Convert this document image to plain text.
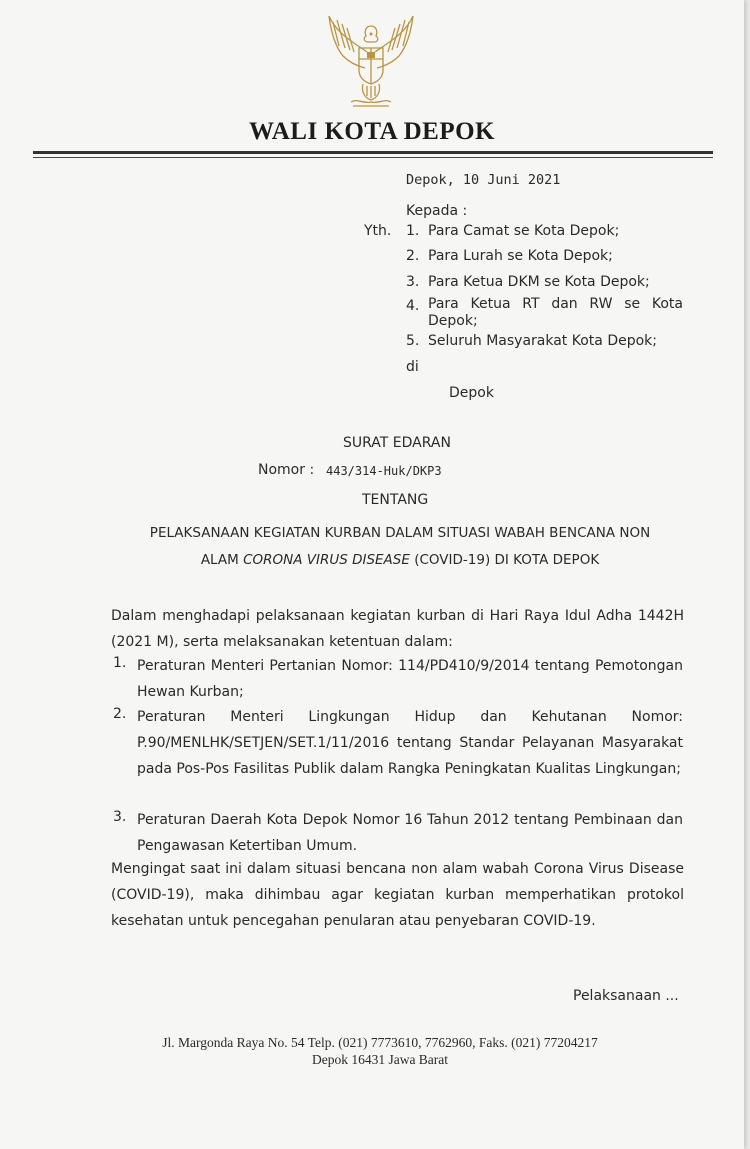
WALI KOTA DEPOK
Depok, 10 Juni 2021
Kepada :
Yth. 1. Para Camat se Kota Depok;
2. Para Lurah se Kota Depok;
3. Para Ketua DKM se Kota Depok;
4. Para Ketua RT dan RW se Kota Depok;
5. Seluruh Masyarakat Kota Depok;
di
Depok
SURAT EDARAN
Nomor : 443/314-Huk/DKP3
TENTANG
PELAKSANAAN KEGIATAN KURBAN DALAM SITUASI WABAH BENCANA NON
ALAM CORONA VIRUS DISEASE (COVID-19) DI KOTA DEPOK
Dalam menghadapi pelaksanaan kegiatan kurban di Hari Raya Idul Adha 1442H (2021 M), serta melaksanakan ketentuan dalam:
1. Peraturan Menteri Pertanian Nomor: 114/PD410/9/2014 tentang Pemotongan Hewan Kurban;
2. Peraturan Menteri Lingkungan Hidup dan Kehutanan Nomor: P.90/MENLHK/SETJEN/SET.1/11/2016 tentang Standar Pelayanan Masyarakat pada Pos-Pos Fasilitas Publik dalam Rangka Peningkatan Kualitas Lingkungan;
3. Peraturan Daerah Kota Depok Nomor 16 Tahun 2012 tentang Pembinaan dan Pengawasan Ketertiban Umum.
Mengingat saat ini dalam situasi bencana non alam wabah Corona Virus Disease (COVID-19), maka dihimbau agar kegiatan kurban memperhatikan protokol kesehatan untuk pencegahan penularan atau penyebaran COVID-19.
Pelaksanaan ...
Jl. Margonda Raya No. 54 Telp. (021) 7773610, 7762960, Faks. (021) 77204217
Depok 16431 Jawa Barat
